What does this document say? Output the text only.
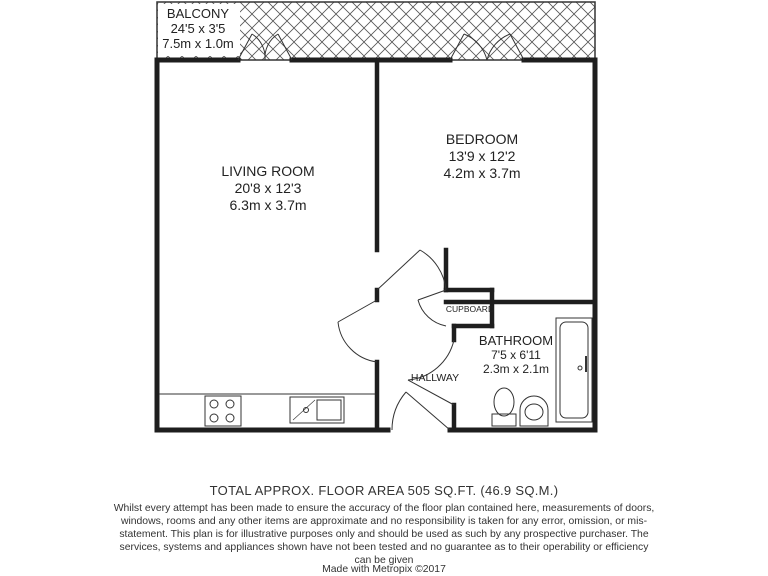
BALCONY
24'5 x 3'5
7.5m x 1.0m
LIVING ROOM
20'8 x 12'3
6.3m x 3.7m
BEDROOM
13'9 x 12'2
4.2m x 3.7m
BATHROOM
7'5 x 6'11
2.3m x 2.1m
CUPBOARD
HALLWAY
TOTAL APPROX. FLOOR AREA 505 SQ.FT. (46.9 SQ.M.)
Whilst every attempt has been made to ensure the accuracy of the floor plan contained here, measurements of doors, windows, rooms and any other items are approximate and no responsibility is taken for any error, omission, or mis-statement. This plan is for illustrative purposes only and should be used as such by any prospective purchaser. The services, systems and appliances shown have not been tested and no guarantee as to their operability or efficiency can be given
Made with Metropix ©2017
